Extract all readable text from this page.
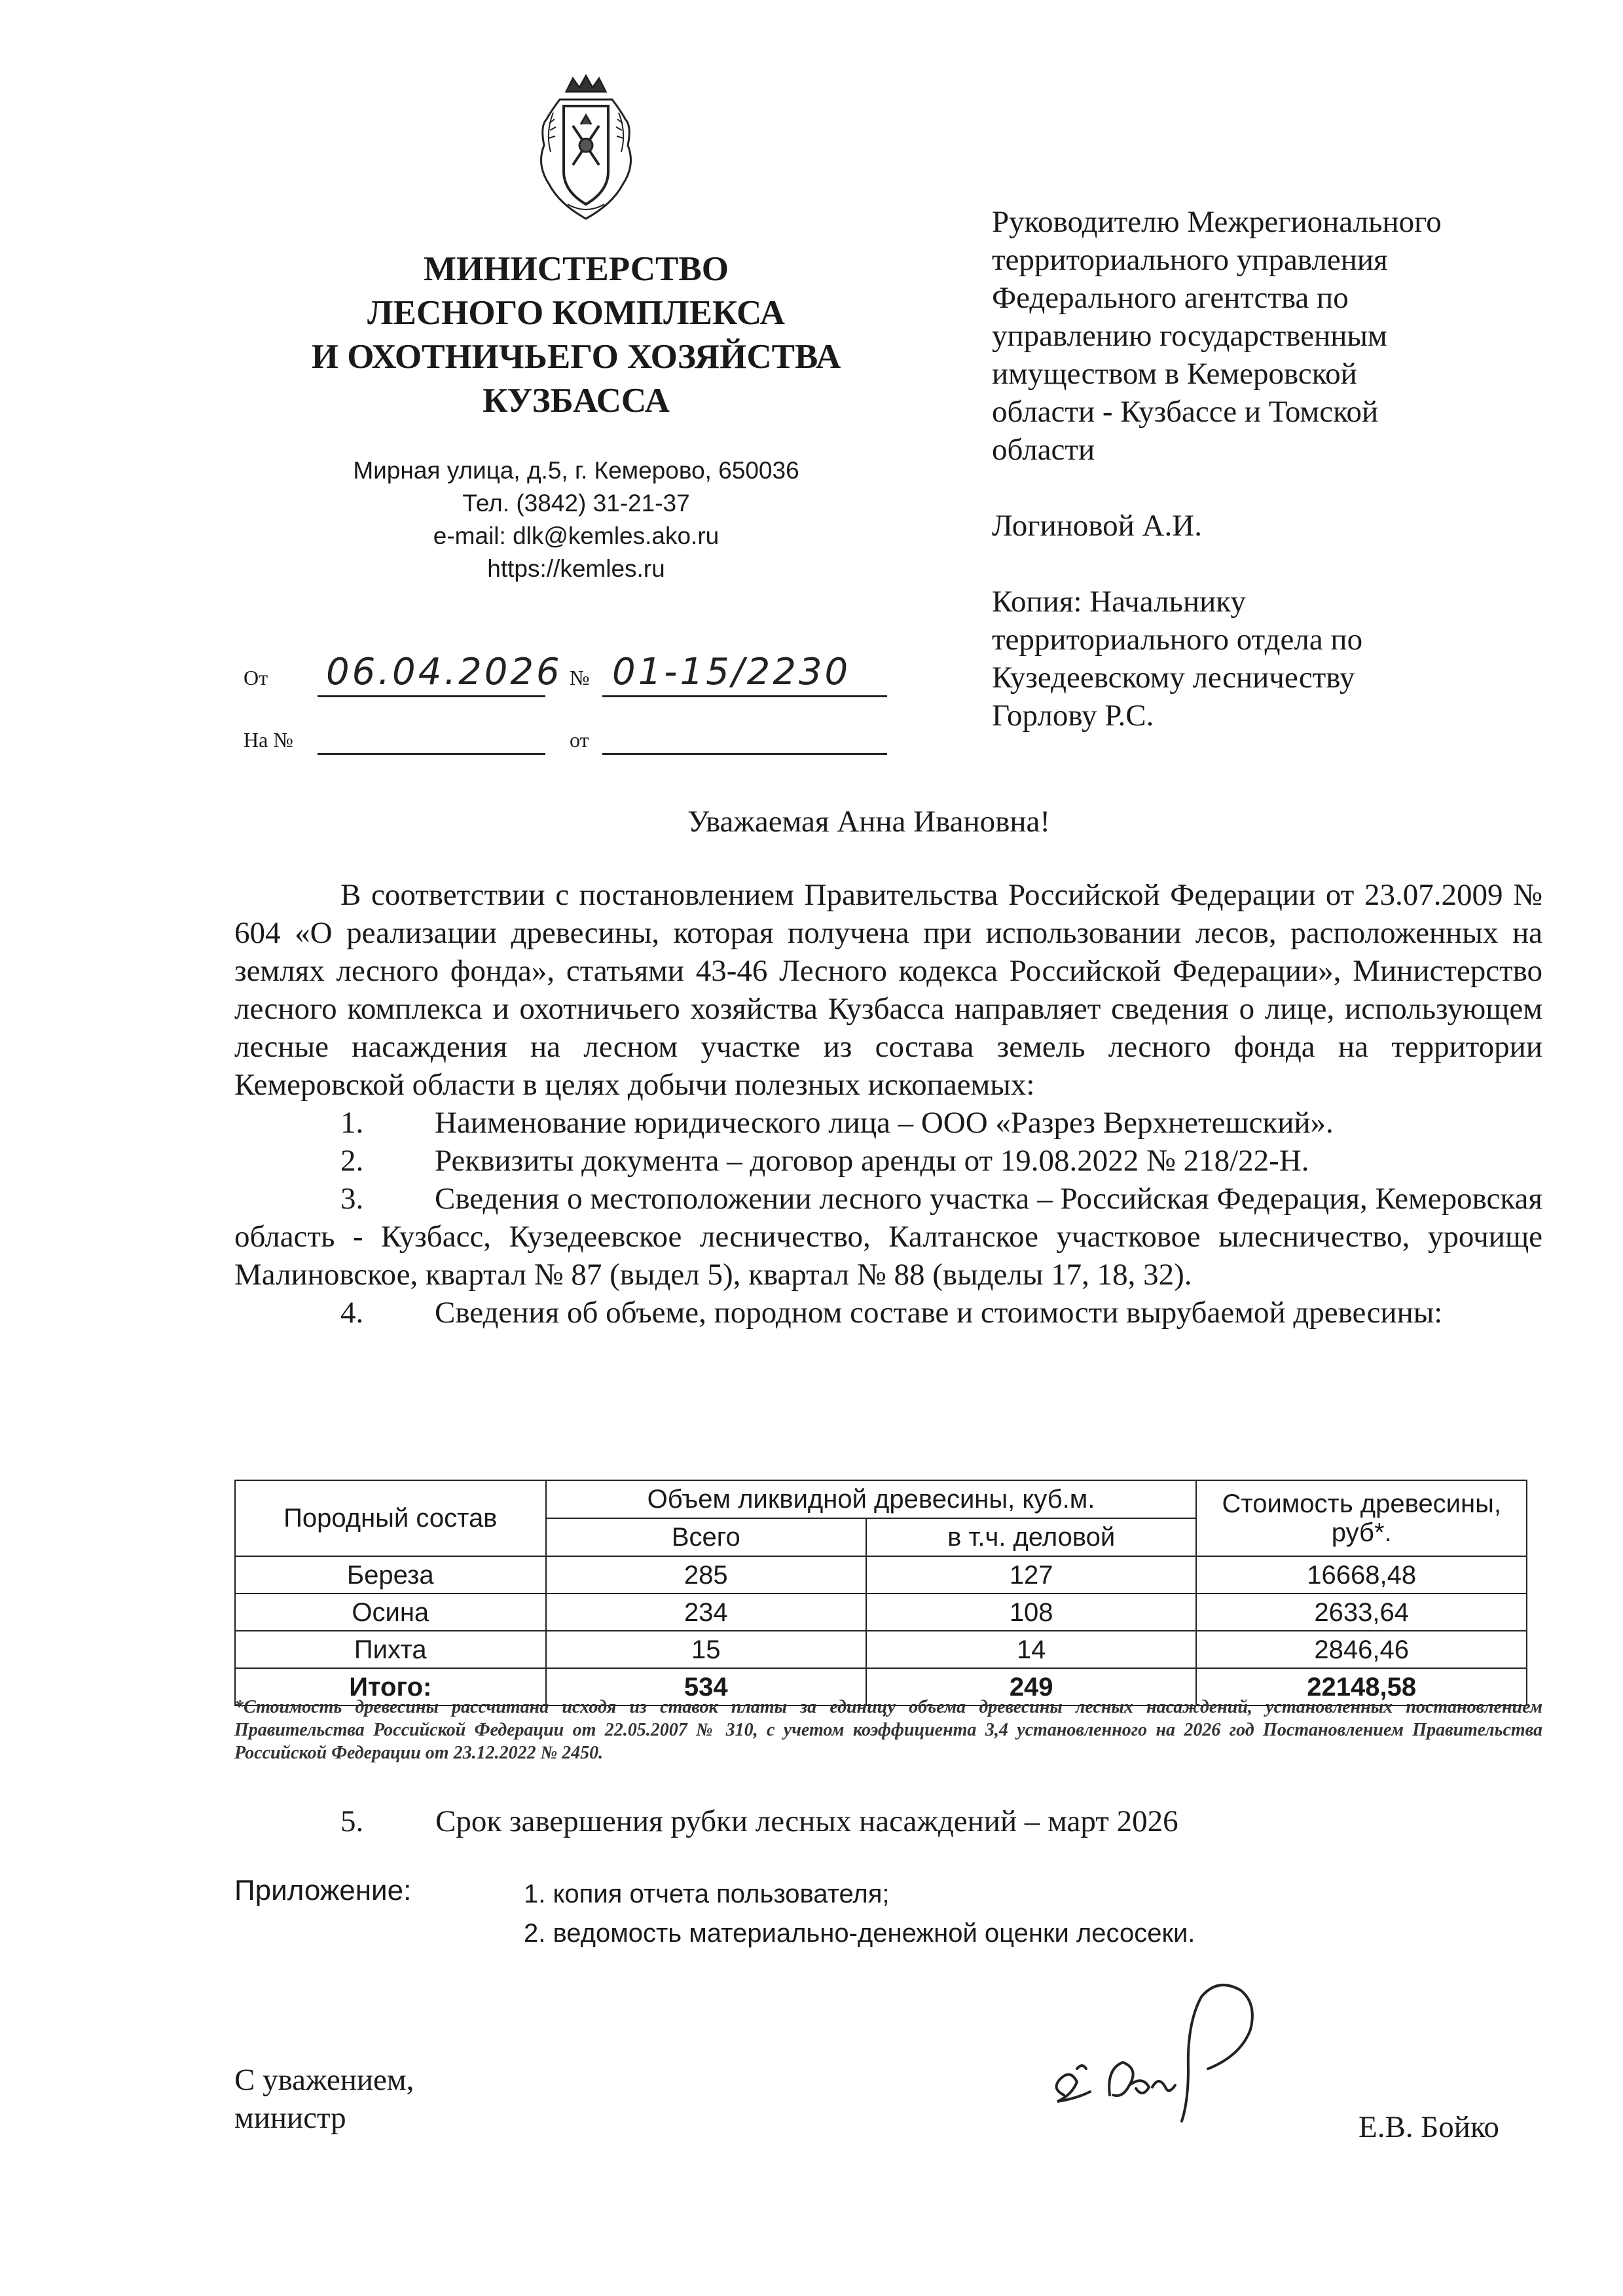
МИНИСТЕРСТВО
ЛЕСНОГО КОМПЛЕКСА
И ОХОТНИЧЬЕГО ХОЗЯЙСТВА
КУЗБАССА
Мирная улица, д.5, г. Кемерово, 650036
Тел. (3842) 31-21-37
e-mail: dlk@kemles.ako.ru
https://kemles.ru
От 06.04.2026 № 01-15/2230
На №	от
Руководителю Межрегионального
территориального управления
Федерального агентства по
управлению государственным
имуществом в Кемеровской
области - Кузбассе и Томской
области
Логиновой А.И.
Копия: Начальнику
территориального отдела по
Кузедеевскому лесничеству
Горлову Р.С.
Уважаемая Анна Ивановна!

В соответствии с постановлением Правительства Российской Федерации от 23.07.2009 № 604 «О реализации древесины, которая получена при использовании лесов, расположенных на землях лесного фонда», статьями 43-46 Лесного кодекса Российской Федерации», Министерство лесного комплекса и охотничьего хозяйства Кузбасса направляет сведения о лице, использующем лесные насаждения на лесном участке из состава земель лесного фонда на территории Кемеровской области в целях добычи полезных ископаемых:

1. Наименование юридического лица – ООО «Разрез Верхнетешский».
2. Реквизиты документа – договор аренды от 19.08.2022 № 218/22-Н.
3. Сведения о местоположении лесного участка – Российская Федерация, Кемеровская область - Кузбасс, Кузедеевское лесничество, Калтанское участковое ылесничество, урочище Малиновское, квартал № 87 (выдел 5), квартал № 88 (выделы 17, 18, 32).
4. Сведения об объеме, породном составе и стоимости вырубаемой древесины:
Породный состав	Объем ликвидной древесины, куб.м.		Стоимость древесины, руб*.
	Всего	в т.ч. деловой	
Береза	285	127	16668,48
Осина	234	108	2633,64
Пихта	15	14	2846,46
Итого:	534	249	22148,58
*Стоимость древесины рассчитана исходя из ставок платы за единицу объема древесины лесных насаждений, установленных постановлением Правительства Российской Федерации от 22.05.2007 № 310, с учетом коэффициента 3,4 установленного на 2026 год Постановлением Правительства Российской Федерации от 23.12.2022 № 2450.
5. Срок завершения рубки лесных насаждений – март 2026
Приложение:	1. копия отчета пользователя;
2. ведомость материально-денежной оценки лесосеки.
С уважением,
министр	Е.В. Бойко
